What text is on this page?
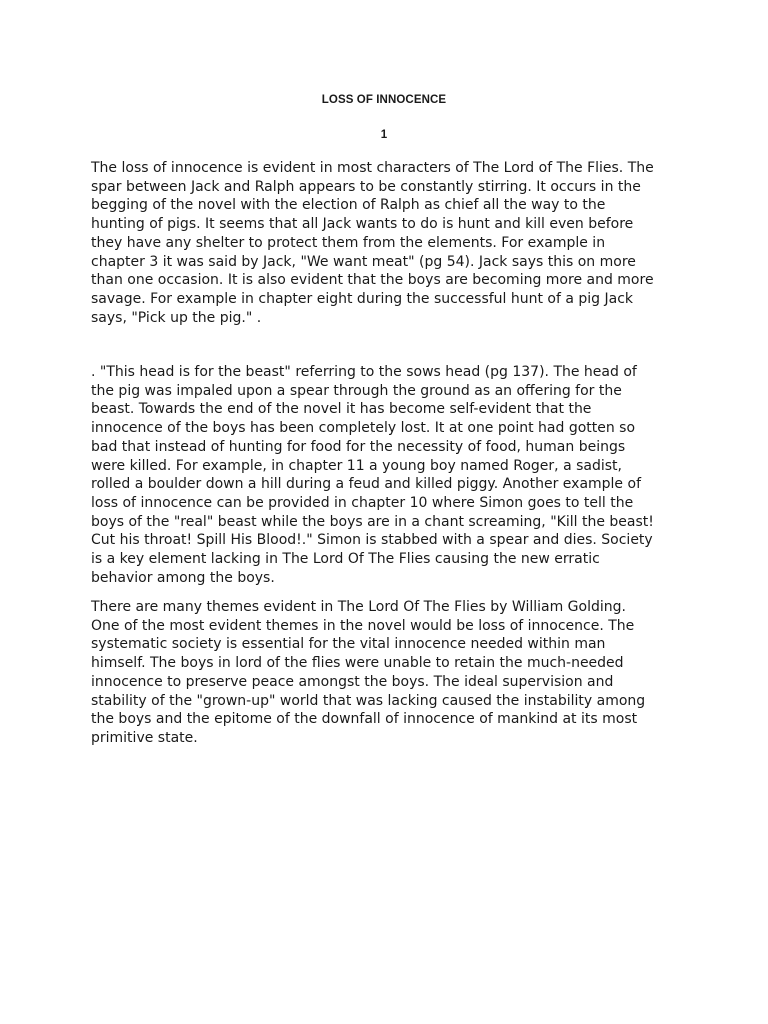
LOSS OF INNOCENCE
1

The loss of innocence is evident in most characters of The Lord of The Flies. The
spar between Jack and Ralph appears to be constantly stirring. It occurs in the
begging of the novel with the election of Ralph as chief all the way to the
hunting of pigs. It seems that all Jack wants to do is hunt and kill even before
they have any shelter to protect them from the elements. For example in
chapter 3 it was said by Jack, "We want meat" (pg 54). Jack says this on more
than one occasion. It is also evident that the boys are becoming more and more
savage. For example in chapter eight during the successful hunt of a pig Jack
says, "Pick up the pig." .

. "This head is for the beast" referring to the sows head (pg 137). The head of
the pig was impaled upon a spear through the ground as an offering for the
beast. Towards the end of the novel it has become self-evident that the
innocence of the boys has been completely lost. It at one point had gotten so
bad that instead of hunting for food for the necessity of food, human beings
were killed. For example, in chapter 11 a young boy named Roger, a sadist,
rolled a boulder down a hill during a feud and killed piggy. Another example of
loss of innocence can be provided in chapter 10 where Simon goes to tell the
boys of the "real" beast while the boys are in a chant screaming, "Kill the beast!
Cut his throat! Spill His Blood!." Simon is stabbed with a spear and dies. Society
is a key element lacking in The Lord Of The Flies causing the new erratic
behavior among the boys.

There are many themes evident in The Lord Of The Flies by William Golding.
One of the most evident themes in the novel would be loss of innocence. The
systematic society is essential for the vital innocence needed within man
himself. The boys in lord of the flies were unable to retain the much-needed
innocence to preserve peace amongst the boys. The ideal supervision and
stability of the "grown-up" world that was lacking caused the instability among
the boys and the epitome of the downfall of innocence of mankind at its most
primitive state.
